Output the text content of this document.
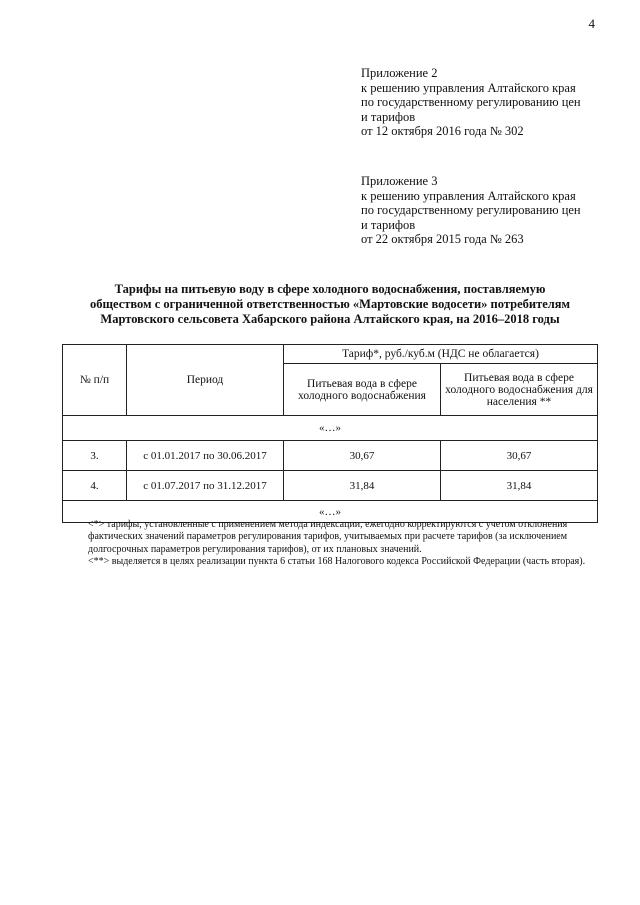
4
Приложение 2
к решению управления Алтайского края
по государственному регулированию цен
и тарифов
от 12 октября 2016 года № 302
Приложение 3
к решению управления Алтайского края
по государственному регулированию цен
и тарифов
от 22 октября 2015 года № 263
Тарифы на питьевую воду в сфере холодного водоснабжения, поставляемую
обществом с ограниченной ответственностью «Мартовские водосети» потребителям
Мартовского сельсовета Хабарского района Алтайского края, на 2016–2018 годы
№ п/п	Период	Тариф*, руб./куб.м (НДС не облагается)	
		Питьевая вода в сфере холодного водоснабжения	Питьевая вода в сфере холодного водоснабжения для населения **
«…»			
3.	с 01.01.2017 по 30.06.2017	30,67	30,67
4.	с 01.07.2017 по 31.12.2017	31,84	31,84
«…»			
<*> тарифы, установленные с применением метода индексации, ежегодно корректируются с учетом отклонения фактических значений параметров регулирования тарифов, учитываемых при расчете тарифов (за исключением долгосрочных параметров регулирования тарифов), от их плановых значений.
<**> выделяется в целях реализации пункта 6 статьи 168 Налогового кодекса Российской Федерации (часть вторая).
